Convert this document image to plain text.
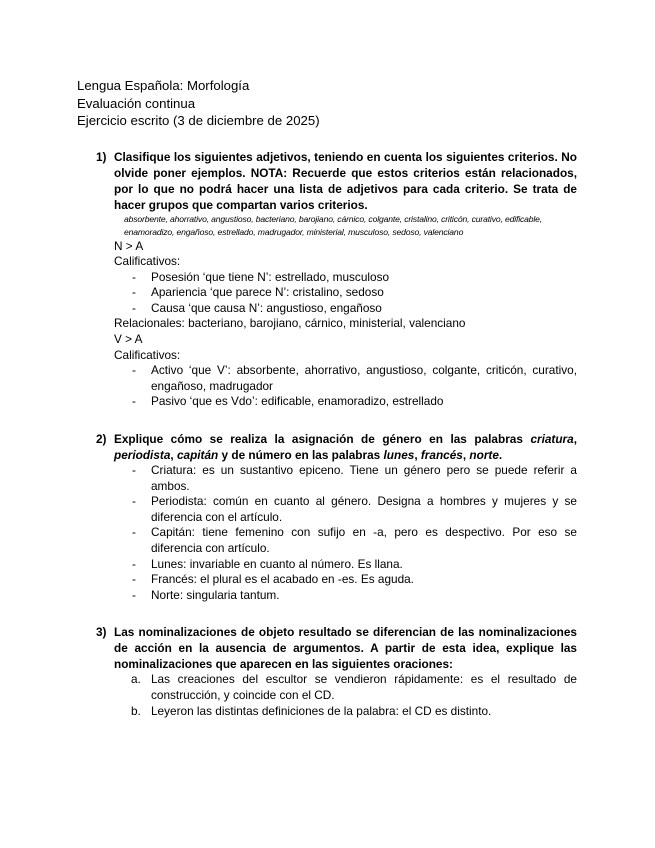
Lengua Española: Morfología
Evaluación continua
Ejercicio escrito (3 de diciembre de 2025)
1) Clasifique los siguientes adjetivos, teniendo en cuenta los siguientes criterios. No olvide poner ejemplos. NOTA: Recuerde que estos criterios están relacionados, por lo que no podrá hacer una lista de adjetivos para cada criterio. Se trata de hacer grupos que compartan varios criterios.
absorbente, ahorrativo, angustioso, bacteriano, barojiano, cárnico, colgante, cristalino, criticón, curativo, edificable, enamoradizo, engañoso, estrellado, madrugador, ministerial, musculoso, sedoso, valenciano
N > A
Calificativos:
- Posesión ‘que tiene N’: estrellado, musculoso
- Apariencia ‘que parece N’: cristalino, sedoso
- Causa ‘que causa N’: angustioso, engañoso
Relacionales: bacteriano, barojiano, cárnico, ministerial, valenciano
V > A
Calificativos:
- Activo ‘que V’: absorbente, ahorrativo, angustioso, colgante, criticón, curativo, engañoso, madrugador
- Pasivo ‘que es Vdo’: edificable, enamoradizo, estrellado
2) Explique cómo se realiza la asignación de género en las palabras criatura, periodista, capitán y de número en las palabras lunes, francés, norte.
- Criatura: es un sustantivo epiceno. Tiene un género pero se puede referir a ambos.
- Periodista: común en cuanto al género. Designa a hombres y mujeres y se diferencia con el artículo.
- Capitán: tiene femenino con sufijo en -a, pero es despectivo. Por eso se diferencia con artículo.
- Lunes: invariable en cuanto al número. Es llana.
- Francés: el plural es el acabado en -es. Es aguda.
- Norte: singularia tantum.
3) Las nominalizaciones de objeto resultado se diferencian de las nominalizaciones de acción en la ausencia de argumentos. A partir de esta idea, explique las nominalizaciones que aparecen en las siguientes oraciones:
a. Las creaciones del escultor se vendieron rápidamente: es el resultado de construcción, y coincide con el CD.
b. Leyeron las distintas definiciones de la palabra: el CD es distinto.
